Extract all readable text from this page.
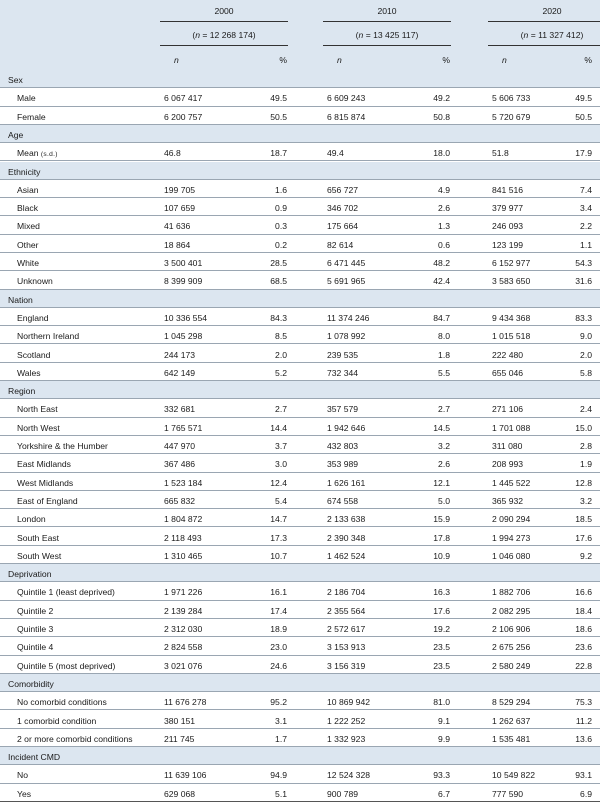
2000
(n = 12 268 174)
n	%
2010
(n = 13 425 117)
n	%
2020
(n = 11 327 412)
n	%
Sex
Male	6 067 417	49.5	6 609 243	49.2	5 606 733	49.5
Female	6 200 757	50.5	6 815 874	50.8	5 720 679	50.5
Age
Mean (s.d.)	46.8	18.7	49.4	18.0	51.8	17.9
Ethnicity
Asian	199 705	1.6	656 727	4.9	841 516	7.4
Black	107 659	0.9	346 702	2.6	379 977	3.4
Mixed	41 636	0.3	175 664	1.3	246 093	2.2
Other	18 864	0.2	82 614	0.6	123 199	1.1
White	3 500 401	28.5	6 471 445	48.2	6 152 977	54.3
Unknown	8 399 909	68.5	5 691 965	42.4	3 583 650	31.6
Nation
England	10 336 554	84.3	11 374 246	84.7	9 434 368	83.3
Northern Ireland	1 045 298	8.5	1 078 992	8.0	1 015 518	9.0
Scotland	244 173	2.0	239 535	1.8	222 480	2.0
Wales	642 149	5.2	732 344	5.5	655 046	5.8
Region
North East	332 681	2.7	357 579	2.7	271 106	2.4
North West	1 765 571	14.4	1 942 646	14.5	1 701 088	15.0
Yorkshire & the Humber	447 970	3.7	432 803	3.2	311 080	2.8
East Midlands	367 486	3.0	353 989	2.6	208 993	1.9
West Midlands	1 523 184	12.4	1 626 161	12.1	1 445 522	12.8
East of England	665 832	5.4	674 558	5.0	365 932	3.2
London	1 804 872	14.7	2 133 638	15.9	2 090 294	18.5
South East	2 118 493	17.3	2 390 348	17.8	1 994 273	17.6
South West	1 310 465	10.7	1 462 524	10.9	1 046 080	9.2
Deprivation
Quintile 1 (least deprived)	1 971 226	16.1	2 186 704	16.3	1 882 706	16.6
Quintile 2	2 139 284	17.4	2 355 564	17.6	2 082 295	18.4
Quintile 3	2 312 030	18.9	2 572 617	19.2	2 106 906	18.6
Quintile 4	2 824 558	23.0	3 153 913	23.5	2 675 256	23.6
Quintile 5 (most deprived)	3 021 076	24.6	3 156 319	23.5	2 580 249	22.8
Comorbidity
No comorbid conditions	11 676 278	95.2	10 869 942	81.0	8 529 294	75.3
1 comorbid condition	380 151	3.1	1 222 252	9.1	1 262 637	11.2
2 or more comorbid conditions	211 745	1.7	1 332 923	9.9	1 535 481	13.6
Incident CMD
No	11 639 106	94.9	12 524 328	93.3	10 549 822	93.1
Yes	629 068	5.1	900 789	6.7	777 590	6.9
